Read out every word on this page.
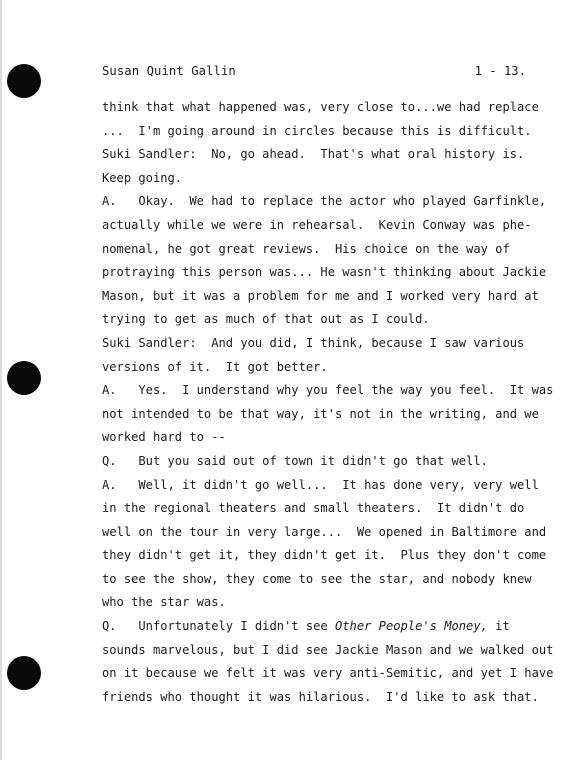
Susan Quint Gallin	1 - 13.
think that what happened was, very close to...we had replace
...  I'm going around in circles because this is difficult.
Suki Sandler:  No, go ahead.  That's what oral history is.
Keep going.
A.   Okay.  We had to replace the actor who played Garfinkle,
actually while we were in rehearsal.  Kevin Conway was phe-
nomenal, he got great reviews.  His choice on the way of
protraying this person was... He wasn't thinking about Jackie
Mason, but it was a problem for me and I worked very hard at
trying to get as much of that out as I could.
Suki Sandler:  And you did, I think, because I saw various
versions of it.  It got better.
A.   Yes.  I understand why you feel the way you feel.  It was
not intended to be that way, it's not in the writing, and we
worked hard to --
Q.   But you said out of town it didn't go that well.
A.   Well, it didn't go well...  It has done very, very well
in the regional theaters and small theaters.  It didn't do
well on the tour in very large...  We opened in Baltimore and
they didn't get it, they didn't get it.  Plus they don't come
to see the show, they come to see the star, and nobody knew
who the star was.
Q.   Unfortunately I didn't see Other People's Money, it
sounds marvelous, but I did see Jackie Mason and we walked out
on it because we felt it was very anti-Semitic, and yet I have
friends who thought it was hilarious.  I'd like to ask that.
